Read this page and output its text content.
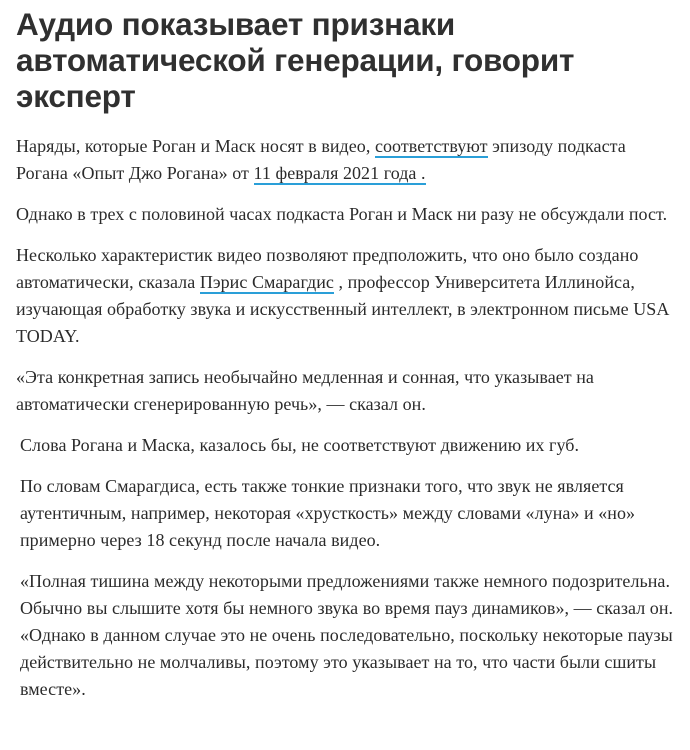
Аудио показывает признаки автоматической генерации, говорит эксперт

Наряды, которые Роган и Маск носят в видео, соответствуют эпизоду подкаста Рогана «Опыт Джо Рогана» от 11 февраля 2021 года .

Однако в трех с половиной часах подкаста Роган и Маск ни разу не обсуждали пост.

Несколько характеристик видео позволяют предположить, что оно было создано автоматически, сказала Пэрис Смарагдис , профессор Университета Иллинойса, изучающая обработку звука и искусственный интеллект, в электронном письме USA TODAY.

«Эта конкретная запись необычайно медленная и сонная, что указывает на автоматически сгенерированную речь», — сказал он.

Слова Рогана и Маска, казалось бы, не соответствуют движению их губ.

По словам Смарагдиса, есть также тонкие признаки того, что звук не является аутентичным, например, некоторая «хрусткость» между словами «луна» и «но» примерно через 18 секунд после начала видео.

«Полная тишина между некоторыми предложениями также немного подозрительна. Обычно вы слышите хотя бы немного звука во время пауз динамиков», — сказал он. «Однако в данном случае это не очень последовательно, поскольку некоторые паузы действительно не молчаливы, поэтому это указывает на то, что части были сшиты вместе».
